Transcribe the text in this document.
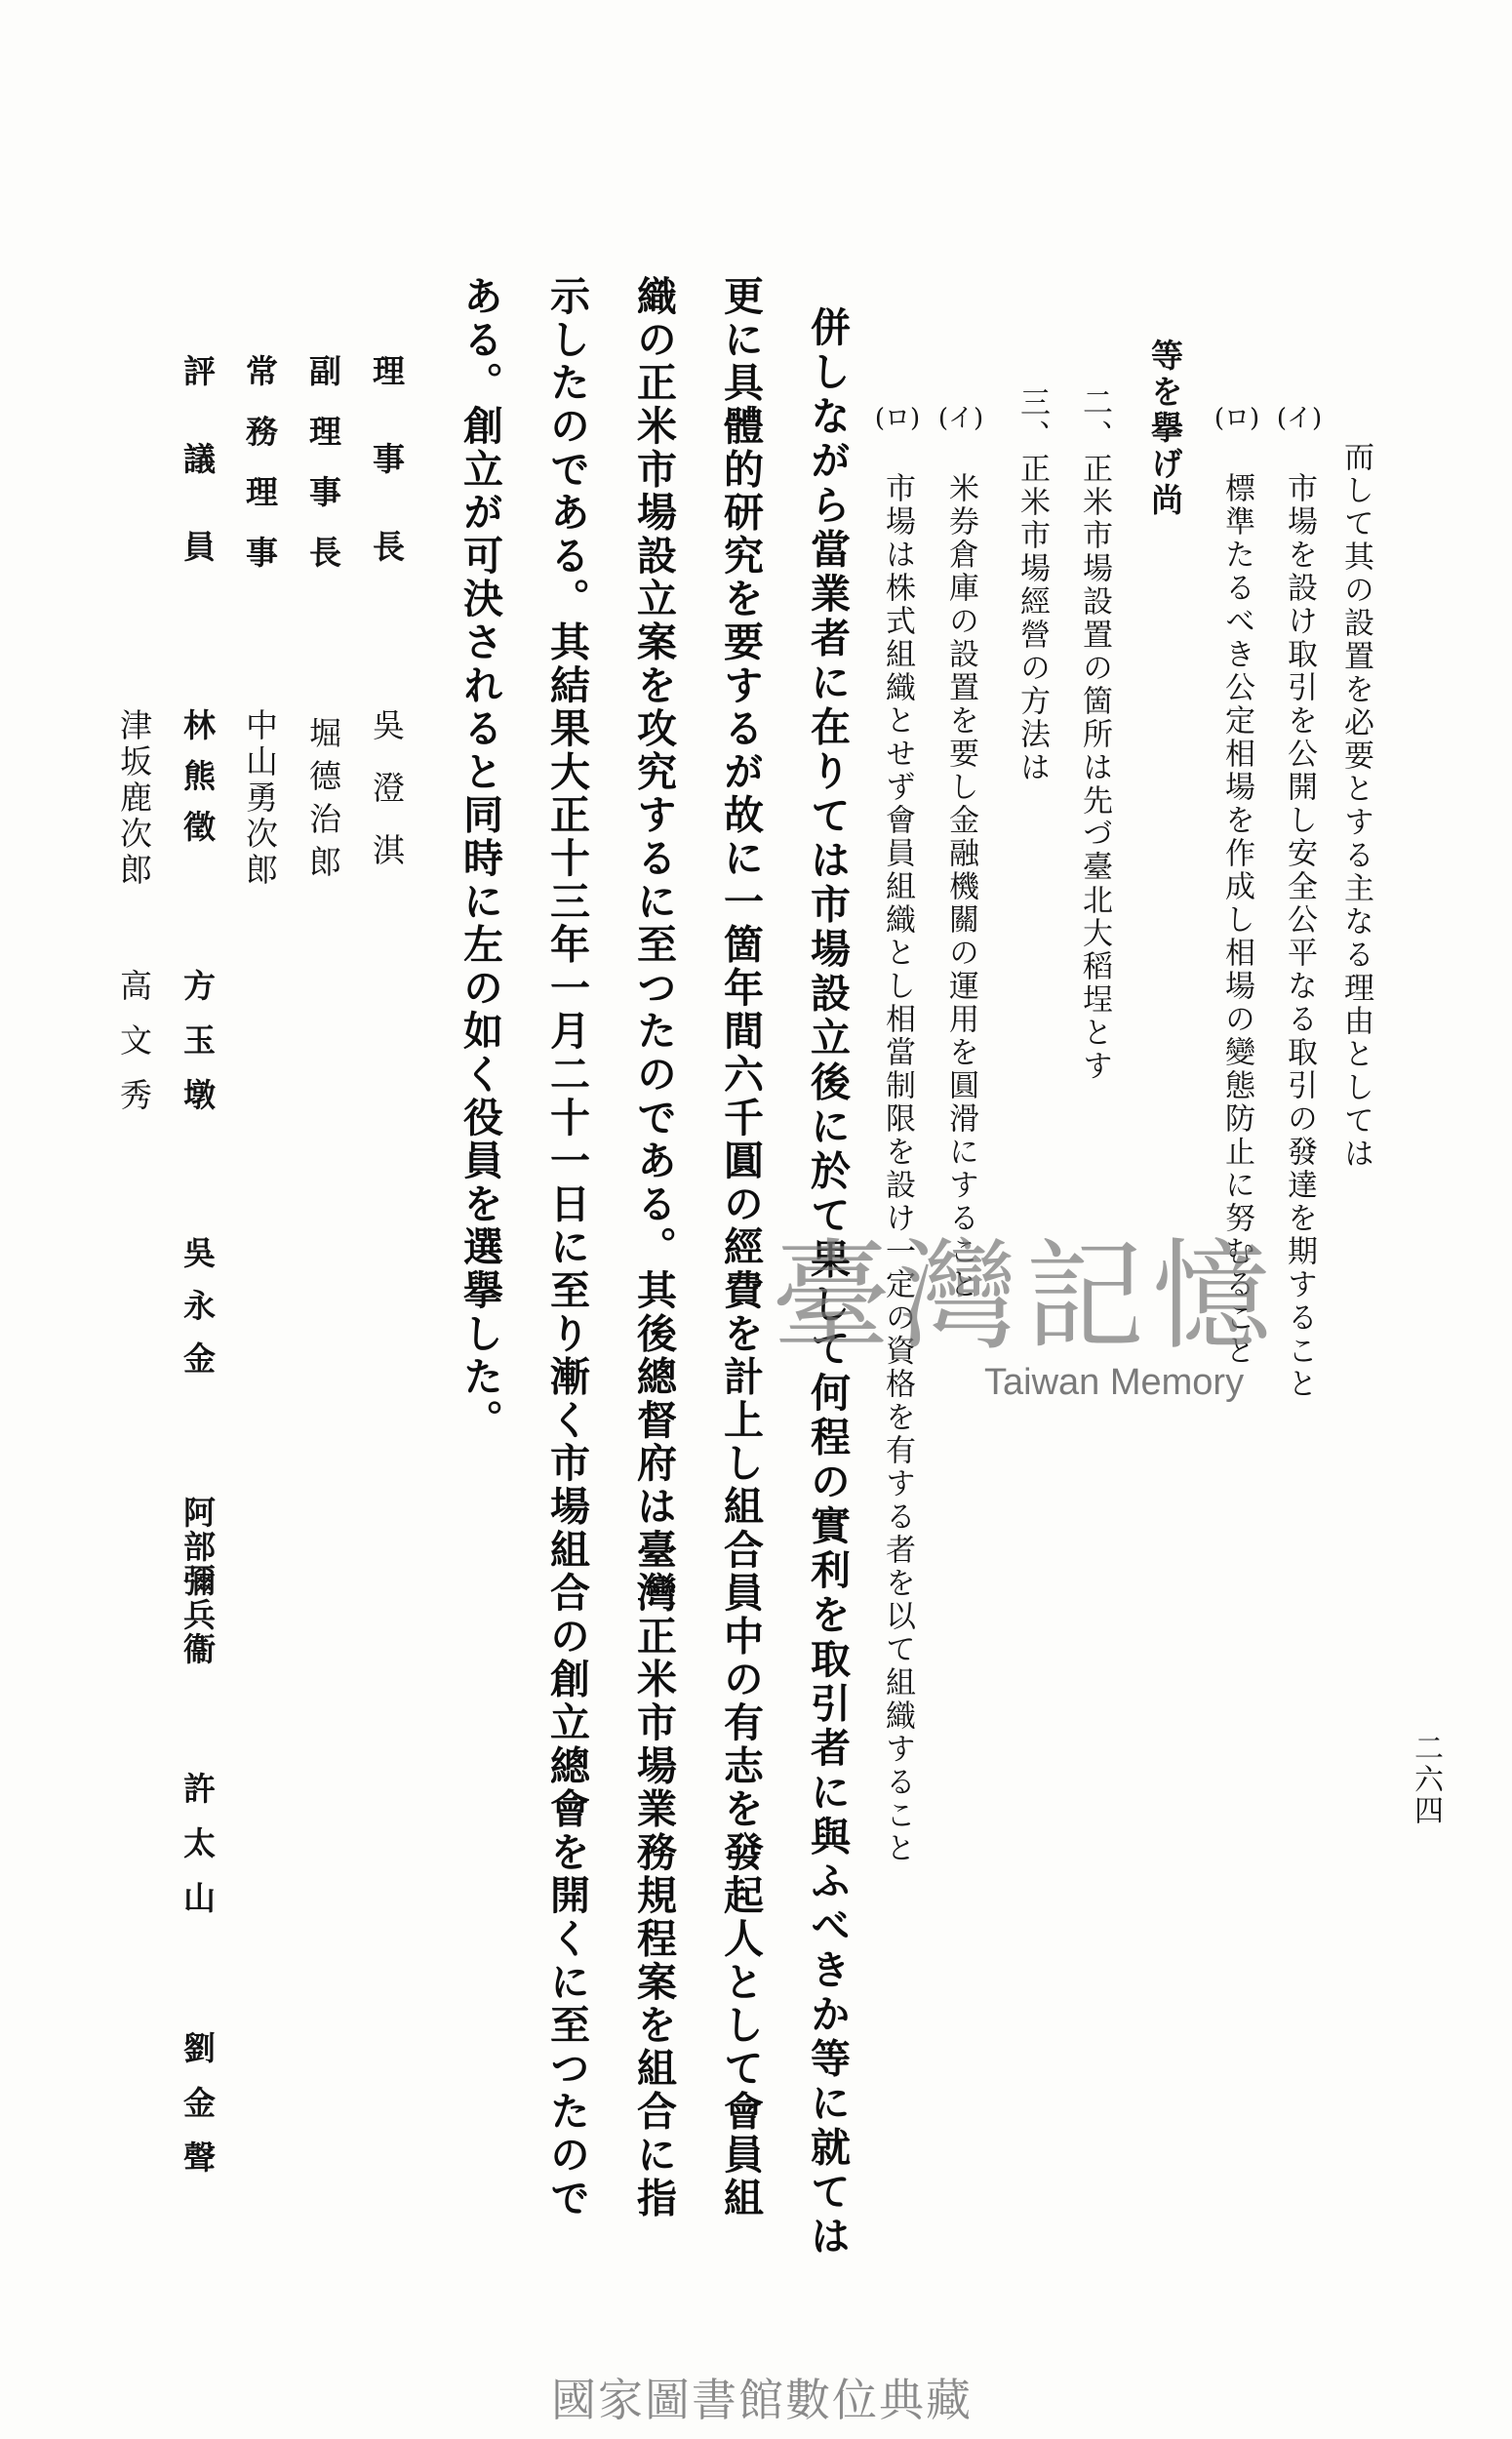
二六四
而して其の設置を必要とする主なる理由としては
(イ)
市場を設け取引を公開し安全公平なる取引の發達を期すること
(ロ)
標準たるべき公定相場を作成し相場の變態防止に努むること
等を擧げ尚
二、正米市場設置の箇所は先づ臺北大稻埕とす
三、正米市場經營の方法は
(イ)
米券倉庫の設置を要し金融機關の運用を圓滑にすること
(ロ)
市場は株式組織とせず會員組織とし相當制限を設け一定の資格を有する者を以て組織すること
併しながら當業者に在りては市場設立後に於て果して何程の實利を取引者に與ふべきか等に就ては
更に具體的研究を要するが故に一箇年間六千圓の經費を計上し組合員中の有志を發起人として會員組
織の正米市場設立案を攻究するに至つたのである。其後總督府は臺灣正米市場業務規程案を組合に指
示したのである。其結果大正十三年一月二十一日に至り漸く市場組合の創立總會を開くに至つたので
ある。創立が可決されると同時に左の如く役員を選擧した。
理事長
吳澄淇
副理事長
堀德治郎
常務理事
中山勇次郎
評議員
林熊徵
方玉墩
吳永金
阿部彌兵衞
許太山
劉金聲
津坂鹿次郎
高文秀
臺灣記憶
Taiwan Memory
國家圖書館數位典藏
